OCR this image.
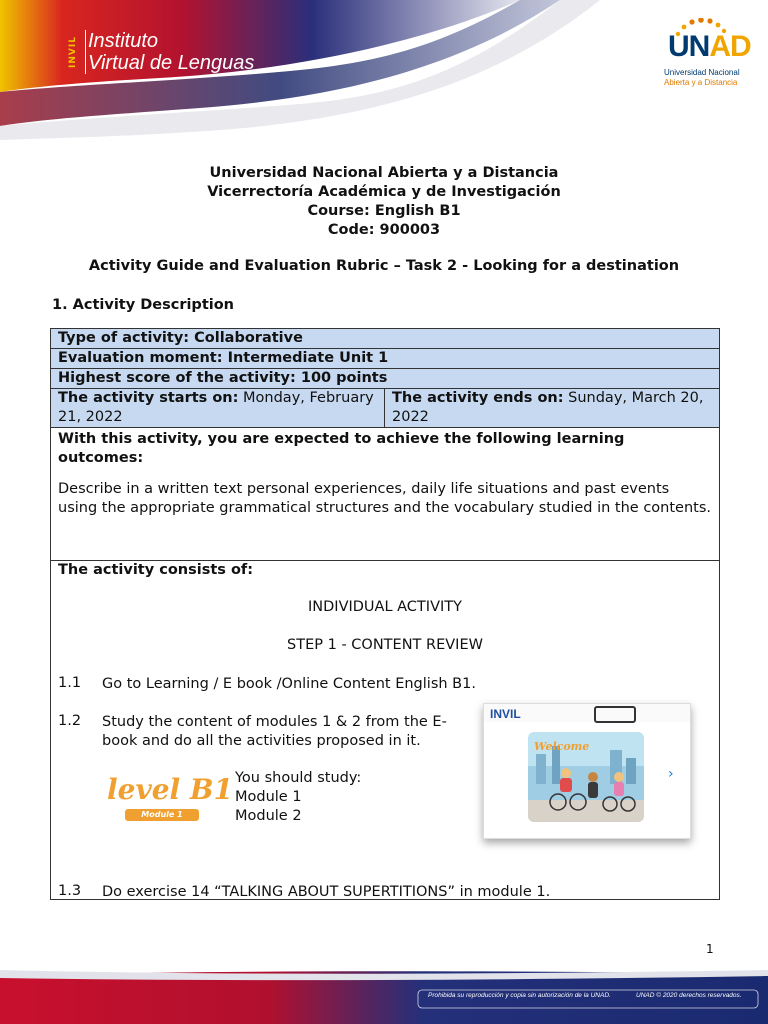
INVIL Instituto
Virtual de Lenguas	UNAD
Universidad Nacional
Abierta y a Distancia
Universidad Nacional Abierta y a Distancia
Vicerrectoría Académica y de Investigación
Course: English B1
Code: 900003
Activity Guide and Evaluation Rubric – Task 2 - Looking for a destination
1. Activity Description
Type of activity: Collaborative
Evaluation moment: Intermediate Unit 1
Highest score of the activity: 100 points
The activity starts on: Monday, February 21, 2022
The activity ends on: Sunday, March 20, 2022
With this activity, you are expected to achieve the following learning outcomes:
Describe in a written text personal experiences, daily life situations and past events using the appropriate grammatical structures and the vocabulary studied in the contents.
The activity consists of:
INDIVIDUAL ACTIVITY
STEP 1 - CONTENT REVIEW
1.1 Go to Learning / E book /Online Content English B1.
1.2 Study the content of modules 1 & 2 from the E-book and do all the activities proposed in it.
level B1
Module 1
You should study:
Module 1
Module 2
INVIL
Welcome
›
1.3 Do exercise 14 “TALKING ABOUT SUPERTITIONS” in module 1.
1
Prohibida su reproducción y copia sin autorización de la UNAD.	UNAD © 2020 derechos reservados.
